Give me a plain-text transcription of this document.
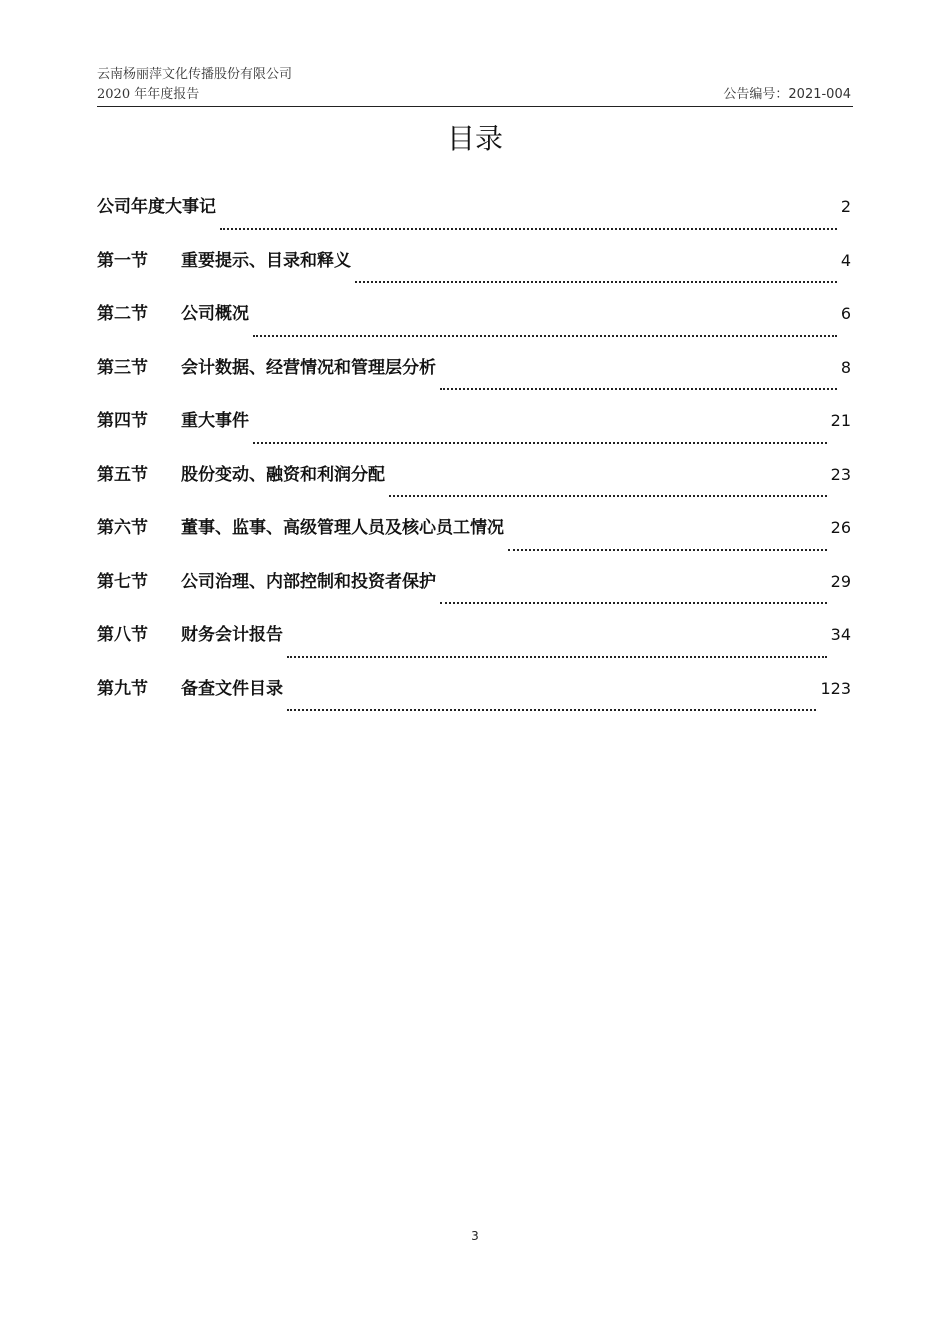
云南杨丽萍文化传播股份有限公司
2020 年年度报告	公告编号：2021-004
目录
公司年度大事记	2
第一节	重要提示、目录和释义	4
第二节	公司概况	6
第三节	会计数据、经营情况和管理层分析	8
第四节	重大事件	21
第五节	股份变动、融资和利润分配	23
第六节	董事、监事、高级管理人员及核心员工情况	26
第七节	公司治理、内部控制和投资者保护	29
第八节	财务会计报告	34
第九节	备查文件目录	123
3
